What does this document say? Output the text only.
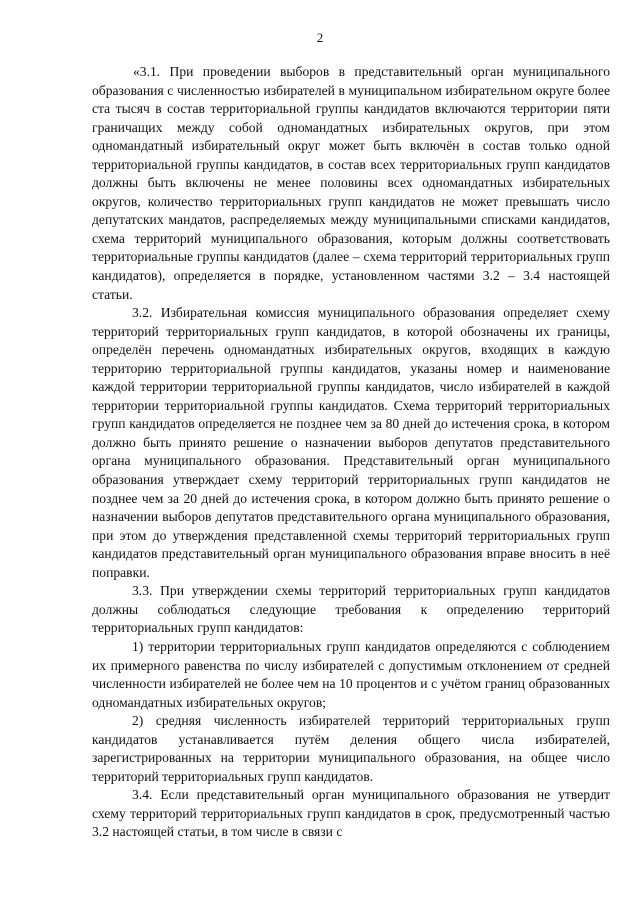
2

«3.1. При проведении выборов в представительный орган муниципального образования с численностью избирателей в муниципальном избирательном округе более ста тысяч в состав территориальной группы кандидатов включаются территории пяти граничащих между собой одномандатных избирательных округов, при этом одномандатный избирательный округ может быть включён в состав только одной территориальной группы кандидатов, в состав всех территориальных групп кандидатов должны быть включены не менее половины всех одномандатных избирательных округов, количество территориальных групп кандидатов не может превышать число депутатских мандатов, распределяемых между муниципальными списками кандидатов, схема территорий муниципального образования, которым должны соответствовать территориальные группы кандидатов (далее – схема территорий территориальных групп кандидатов), определяется в порядке, установленном частями 3.2 – 3.4 настоящей статьи.

3.2. Избирательная комиссия муниципального образования определяет схему территорий территориальных групп кандидатов, в которой обозначены их границы, определён перечень одномандатных избирательных округов, входящих в каждую территорию территориальной группы кандидатов, указаны номер и наименование каждой территории территориальной группы кандидатов, число избирателей в каждой территории территориальной группы кандидатов. Схема территорий территориальных групп кандидатов определяется не позднее чем за 80 дней до истечения срока, в котором должно быть принято решение о назначении выборов депутатов представительного органа муниципального образования. Представительный орган муниципального образования утверждает схему территорий территориальных групп кандидатов не позднее чем за 20 дней до истечения срока, в котором должно быть принято решение о назначении выборов депутатов представительного органа муниципального образования, при этом до утверждения представленной схемы территорий территориальных групп кандидатов представительный орган муниципального образования вправе вносить в неё поправки.

3.3. При утверждении схемы территорий территориальных групп кандидатов должны соблюдаться следующие требования к определению территорий территориальных групп кандидатов:

1) территории территориальных групп кандидатов определяются с соблюдением их примерного равенства по числу избирателей с допустимым отклонением от средней численности избирателей не более чем на 10 процентов и с учётом границ образованных одномандатных избирательных округов;

2) средняя численность избирателей территорий территориальных групп кандидатов устанавливается путём деления общего числа избирателей, зарегистрированных на территории муниципального образования, на общее число территорий территориальных групп кандидатов.

3.4. Если представительный орган муниципального образования не утвердит схему территорий территориальных групп кандидатов в срок, предусмотренный частью 3.2 настоящей статьи, в том числе в связи с
